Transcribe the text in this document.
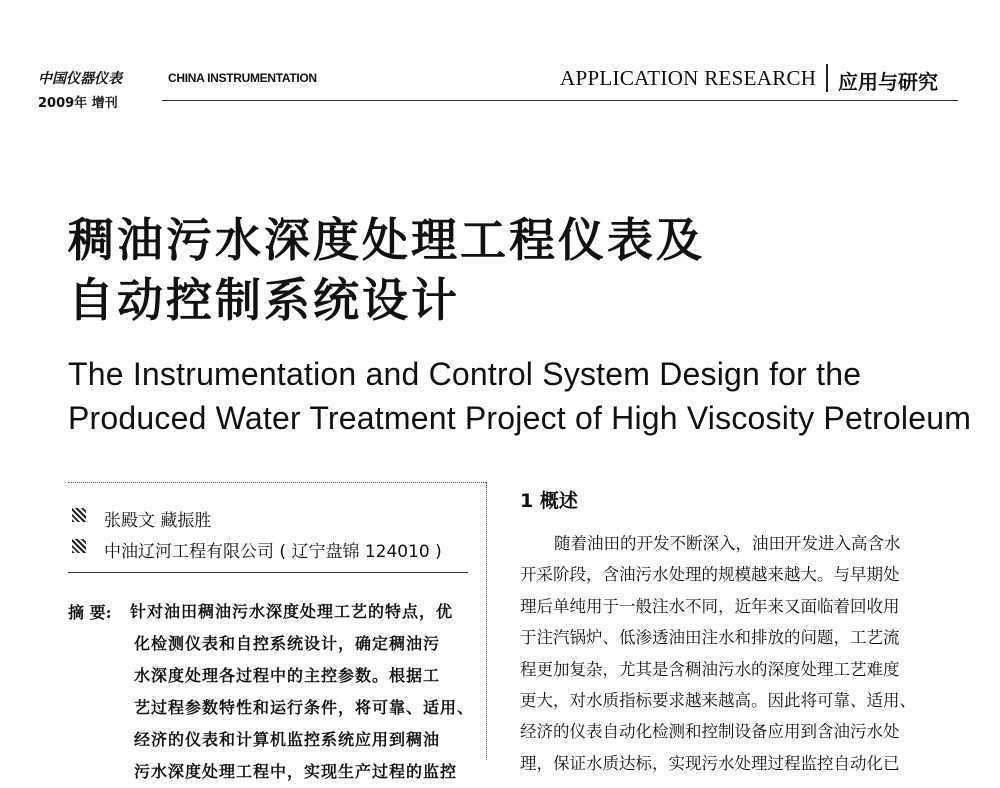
中国仪器仪表	CHINA INSTRUMENTATION
2009年 增刊
APPLICATION RESEARCH 应用与研究
稠油污水深度处理工程仪表及
自动控制系统设计
The Instrumentation and Control System Design for the
Produced Water Treatment Project of High Viscosity Petroleum
张殿文 藏振胜
中油辽河工程有限公司 ( 辽宁盘锦 124010 )
摘 要: 针对油田稠油污水深度处理工艺的特点，优
化检测仪表和自控系统设计，确定稠油污
水深度处理各过程中的主控参数。根据工
艺过程参数特性和运行条件，将可靠、适用、
经济的仪表和计算机监控系统应用到稠油
污水深度处理工程中，实现生产过程的监控
1 概述
随着油田的开发不断深入，油田开发进入高含水
开采阶段，含油污水处理的规模越来越大。与早期处
理后单纯用于一般注水不同，近年来又面临着回收用
于注汽锅炉、低渗透油田注水和排放的问题，工艺流
程更加复杂，尤其是含稠油污水的深度处理工艺难度
更大，对水质指标要求越来越高。因此将可靠、适用、
经济的仪表自动化检测和控制设备应用到含油污水处
理，保证水质达标，实现污水处理过程监控自动化已
